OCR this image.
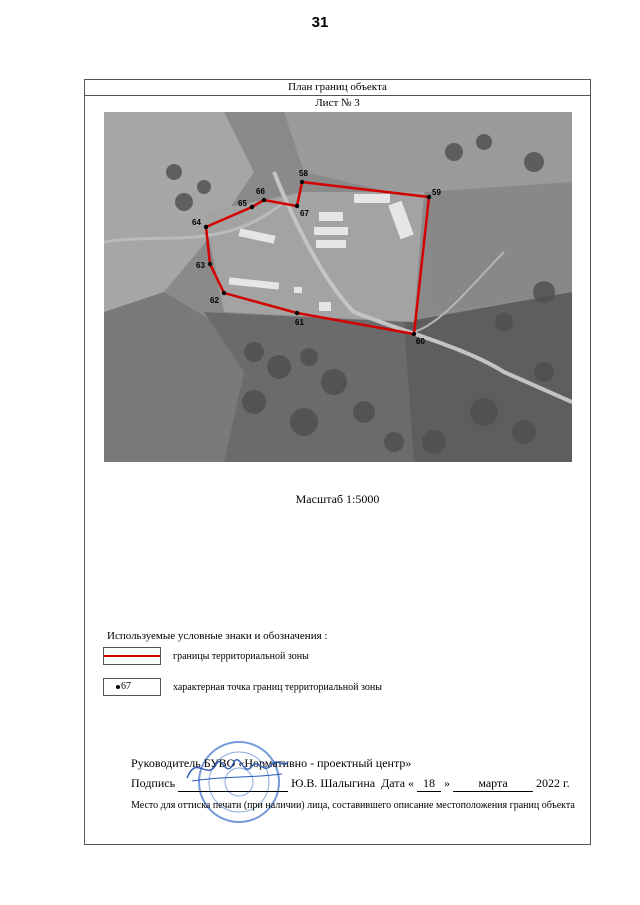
31
План границ объекта
Лист № 3
58
59
60
61
62
63
64
65
66
67
Масштаб 1:5000
Используемые условные знаки и обозначения :
границы территориальной зоны
67	характерная точка границ территориальной зоны
Руководитель БУВО «Нормативно - проектный центр»
Подпись	Ю.В. Шалыгина Дата « 18 » марта 2022 г.
Место для оттиска печати (при наличии) лица, составившего описание местоположения границ объекта
